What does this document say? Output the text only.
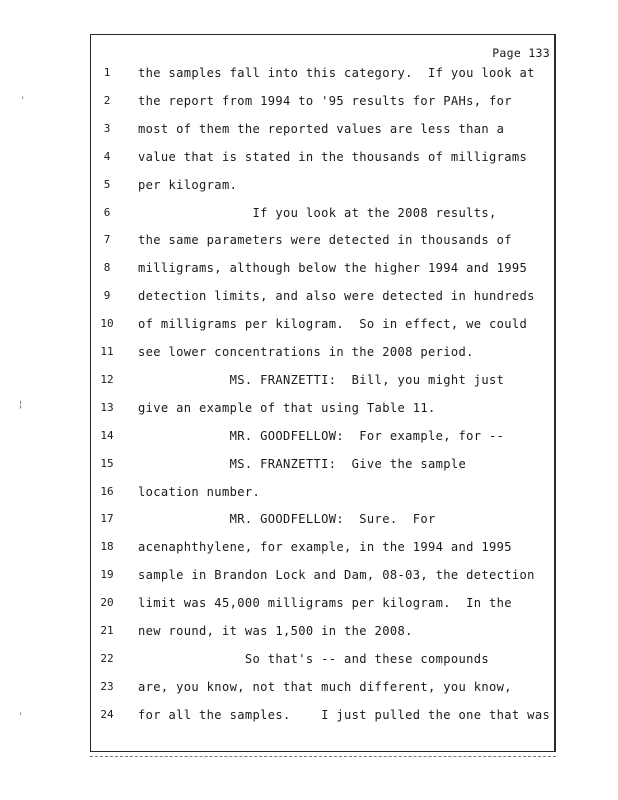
Page 133
1	the samples fall into this category.  If you look at
2	the report from 1994 to '95 results for PAHs, for
3	most of them the reported values are less than a
4	value that is stated in the thousands of milligrams
5	per kilogram.
6	If you look at the 2008 results,
7	the same parameters were detected in thousands of
8	milligrams, although below the higher 1994 and 1995
9	detection limits, and also were detected in hundreds
10	of milligrams per kilogram.  So in effect, we could
11	see lower concentrations in the 2008 period.
12	MS. FRANZETTI:  Bill, you might just
13	give an example of that using Table 11.
14	MR. GOODFELLOW:  For example, for --
15	MS. FRANZETTI:  Give the sample
16	location number.
17	MR. GOODFELLOW:  Sure.  For
18	acenaphthylene, for example, in the 1994 and 1995
19	sample in Brandon Lock and Dam, 08-03, the detection
20	limit was 45,000 milligrams per kilogram.  In the
21	new round, it was 1,500 in the 2008.
22	So that's -- and these compounds
23	are, you know, not that much different, you know,
24	for all the samples.    I just pulled the one that was
'
¦
'
